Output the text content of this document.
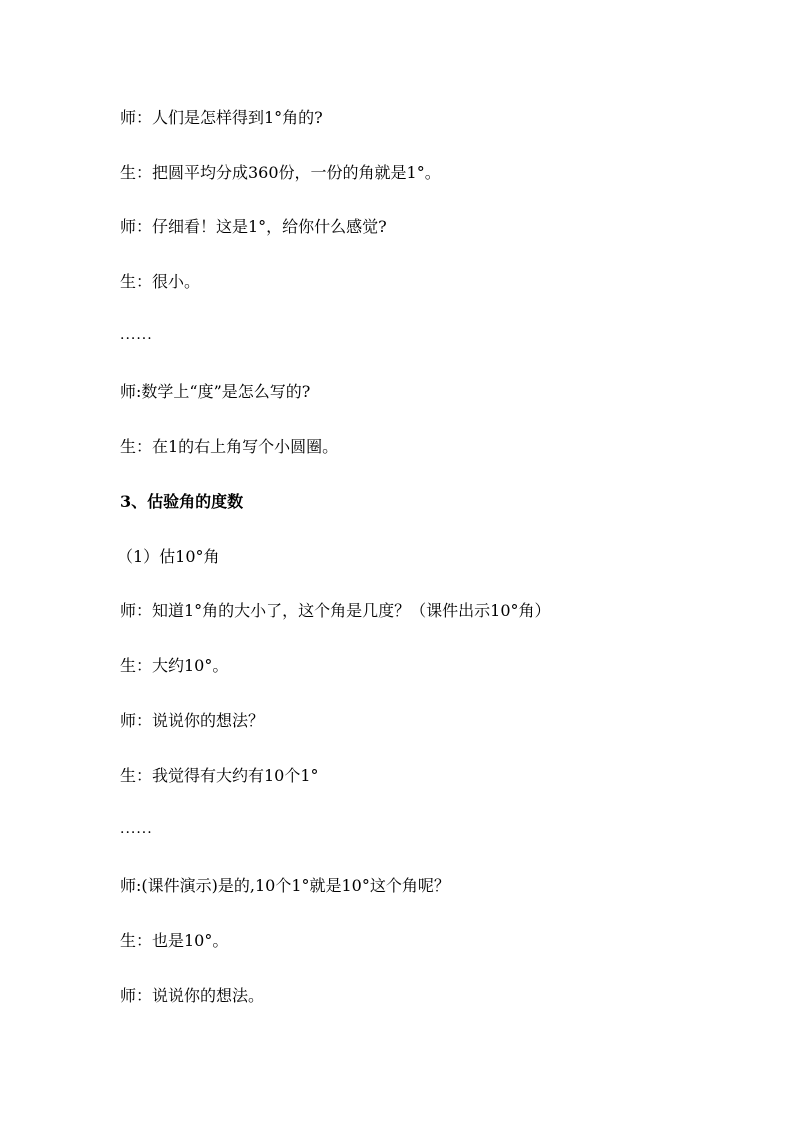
师：人们是怎样得到1°角的?
生：把圆平均分成360份，一份的角就是1°。
师：仔细看！这是1°，给你什么感觉?
生：很小。
······
师:数学上“度”是怎么写的?
生：在1的右上角写个小圆圈。
3、估验角的度数
（1）估10°角
师：知道1°角的大小了，这个角是几度？（课件出示10°角）
生：大约10°。
师：说说你的想法？
生：我觉得有大约有10个1°
······
师:(课件演示)是的,10个1°就是10°这个角呢？
生：也是10°。
师：说说你的想法。
